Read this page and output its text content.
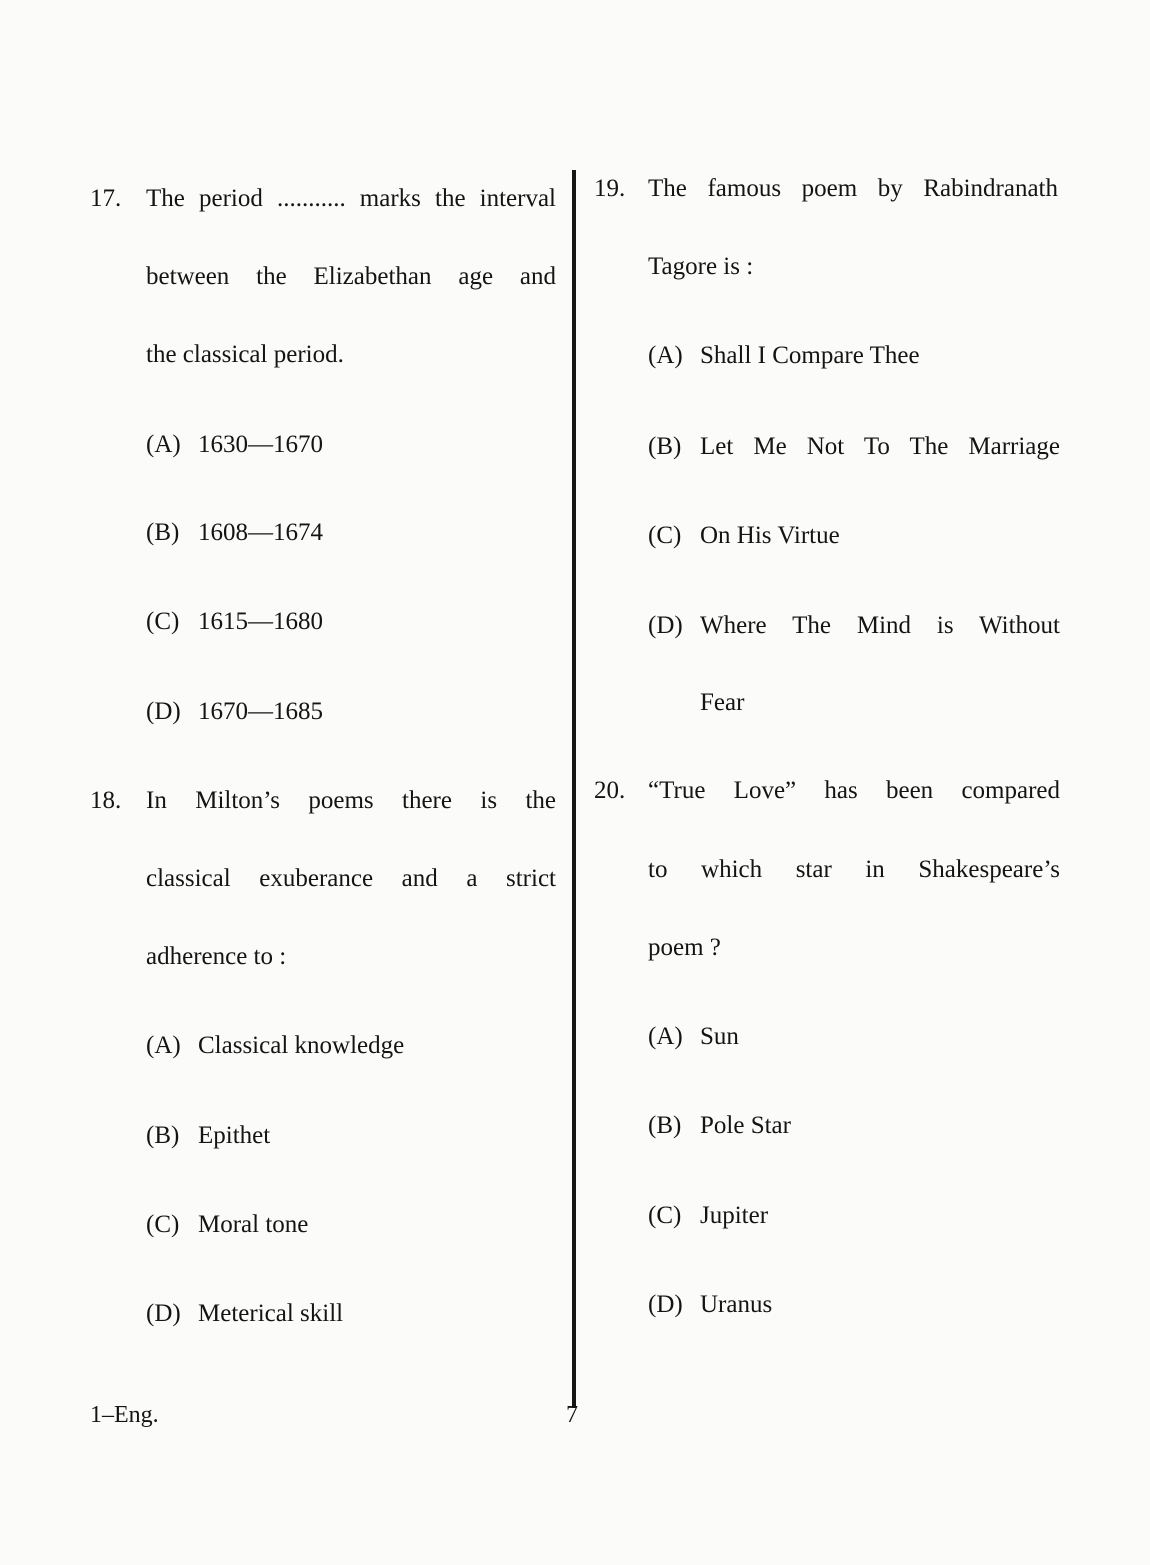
17. The period ........... marks the interval
between the Elizabethan age and
the classical period.
(A) 1630—1670
(B) 1608—1674
(C) 1615—1680
(D) 1670—1685
18. In Milton’s poems there is the
classical exuberance and a strict
adherence to :
(A) Classical knowledge
(B) Epithet
(C) Moral tone
(D) Meterical skill
19. The famous poem by Rabindranath
Tagore is :
(A) Shall I Compare Thee
(B) Let Me Not To The Marriage
(C) On His Virtue
(D) Where The Mind is Without
Fear
20. “True Love” has been compared
to which star in Shakespeare’s
poem ?
(A) Sun
(B) Pole Star
(C) Jupiter
(D) Uranus
1–Eng.	7
